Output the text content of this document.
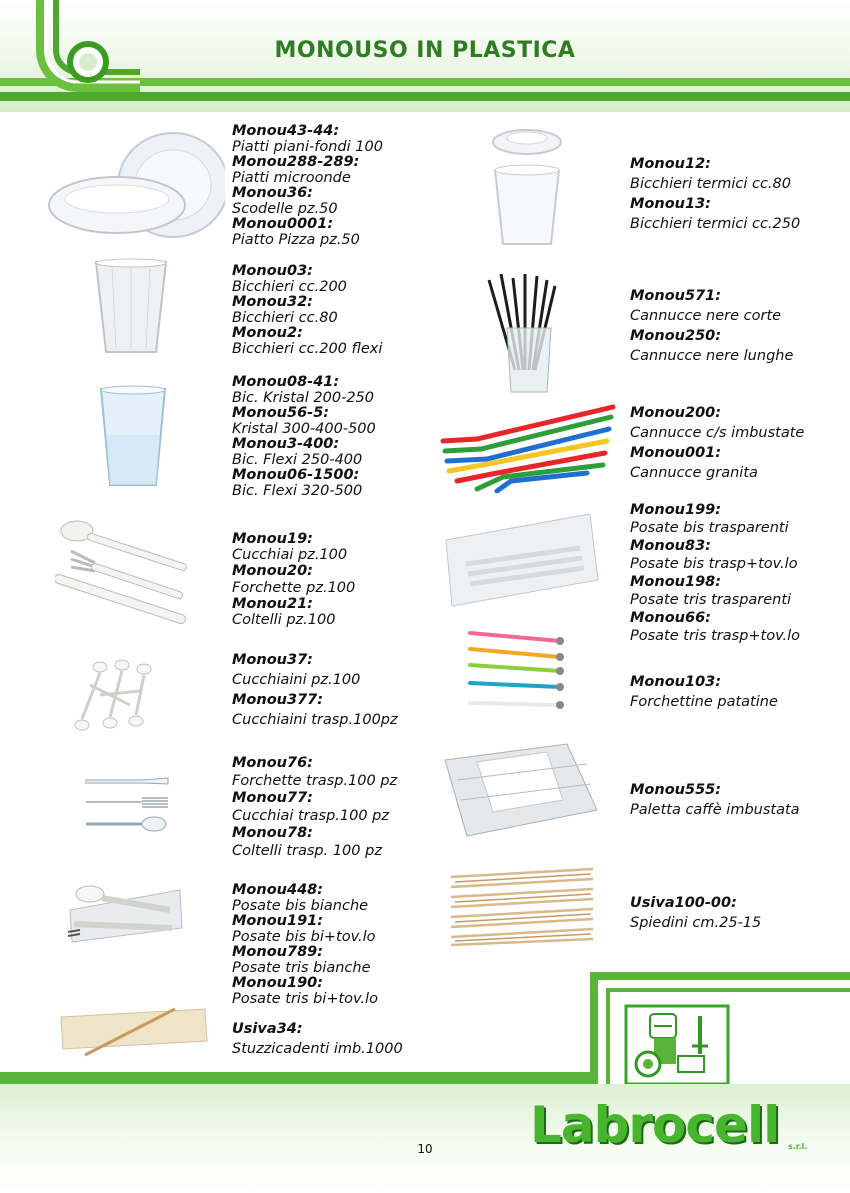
MONOUSO IN PLASTICA
Monou43-44:
Piatti piani-fondi 100
Monou288-289:
Piatti microonde
Monou36:
Scodelle pz.50
Monou0001:
Piatto Pizza pz.50
Monou03:
Bicchieri cc.200
Monou32:
Bicchieri cc.80
Monou2:
Bicchieri cc.200 flexi
Monou08-41:
Bic. Kristal 200-250
Monou56-5:
Kristal 300-400-500
Monou3-400:
Bic. Flexi 250-400
Monou06-1500:
Bic. Flexi 320-500
Monou19:
Cucchiai pz.100
Monou20:
Forchette pz.100
Monou21:
Coltelli pz.100
Monou37:
Cucchiaini pz.100
Monou377:
Cucchiaini trasp.100pz
Monou76:
Forchette trasp.100 pz
Monou77:
Cucchiai trasp.100 pz
Monou78:
Coltelli trasp. 100 pz
Monou448:
Posate bis bianche
Monou191:
Posate bis bi+tov.lo
Monou789:
Posate tris bianche
Monou190:
Posate tris bi+tov.lo
Usiva34:
Stuzzicadenti imb.1000
Monou12:
Bicchieri termici cc.80
Monou13:
Bicchieri termici cc.250
Monou571:
Cannucce nere corte
Monou250:
Cannucce nere lunghe
Monou200:
Cannucce c/s imbustate
Monou001:
Cannucce granita
Monou199:
Posate bis trasparenti
Monou83:
Posate bis trasp+tov.lo
Monou198:
Posate tris trasparenti
Monou66:
Posate tris trasp+tov.lo
Monou103:
Forchettine patatine
Monou555:
Paletta caffè imbustata
Usiva100-00:
Spiedini cm.25-15
Labrocell s.r.l.
10
